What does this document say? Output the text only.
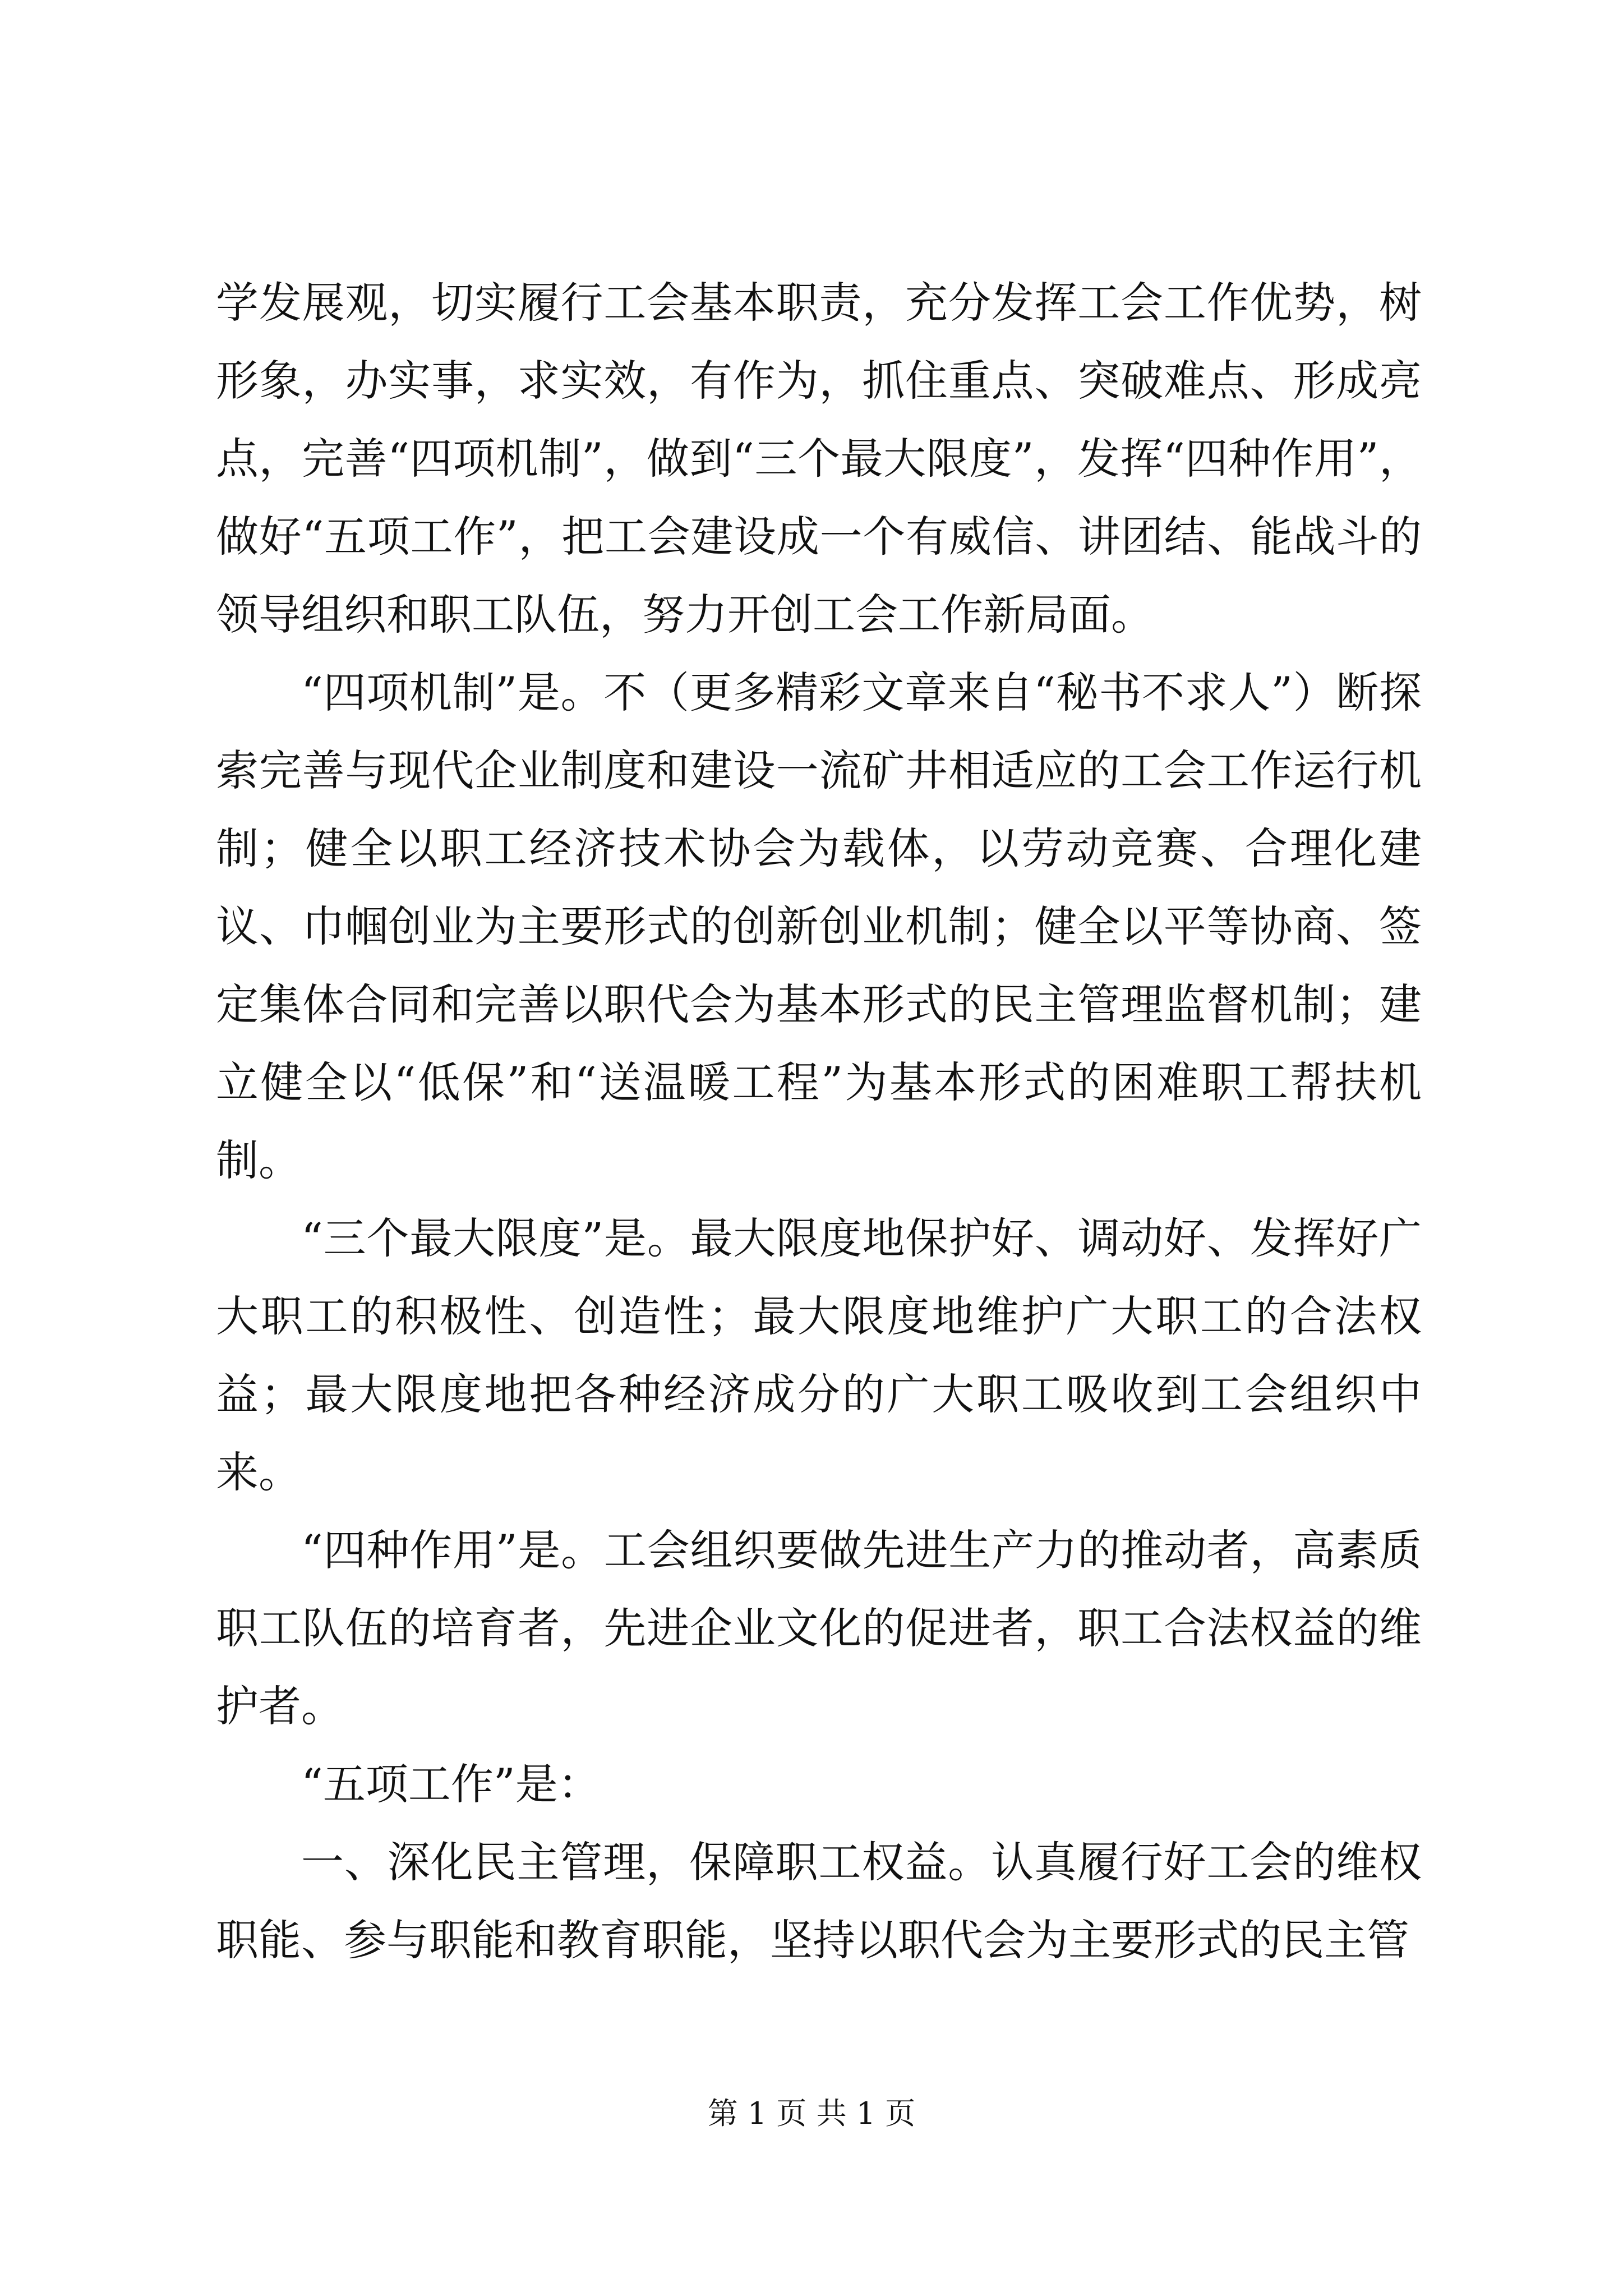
学发展观，切实履行工会基本职责，充分发挥工会工作优势，树形象，办实事，求实效，有作为，抓住重点、突破难点、形成亮点，完善“四项机制”，做到“三个最大限度”，发挥“四种作用”，做好“五项工作”，把工会建设成一个有威信、讲团结、能战斗的领导组织和职工队伍，努力开创工会工作新局面。

“四项机制”是。不（更多精彩文章来自“秘书不求人”）断探索完善与现代企业制度和建设一流矿井相适应的工会工作运行机制；健全以职工经济技术协会为载体，以劳动竞赛、合理化建议、巾帼创业为主要形式的创新创业机制；健全以平等协商、签定集体合同和完善以职代会为基本形式的民主管理监督机制；建立健全以“低保”和“送温暖工程”为基本形式的困难职工帮扶机制。

“三个最大限度”是。最大限度地保护好、调动好、发挥好广大职工的积极性、创造性；最大限度地维护广大职工的合法权益；最大限度地把各种经济成分的广大职工吸收到工会组织中来。

“四种作用”是。工会组织要做先进生产力的推动者，高素质职工队伍的培育者，先进企业文化的促进者，职工合法权益的维护者。

“五项工作”是：

一、深化民主管理，保障职工权益。认真履行好工会的维权职能、参与职能和教育职能，坚持以职代会为主要形式的民主管

第 1 页 共 1 页
